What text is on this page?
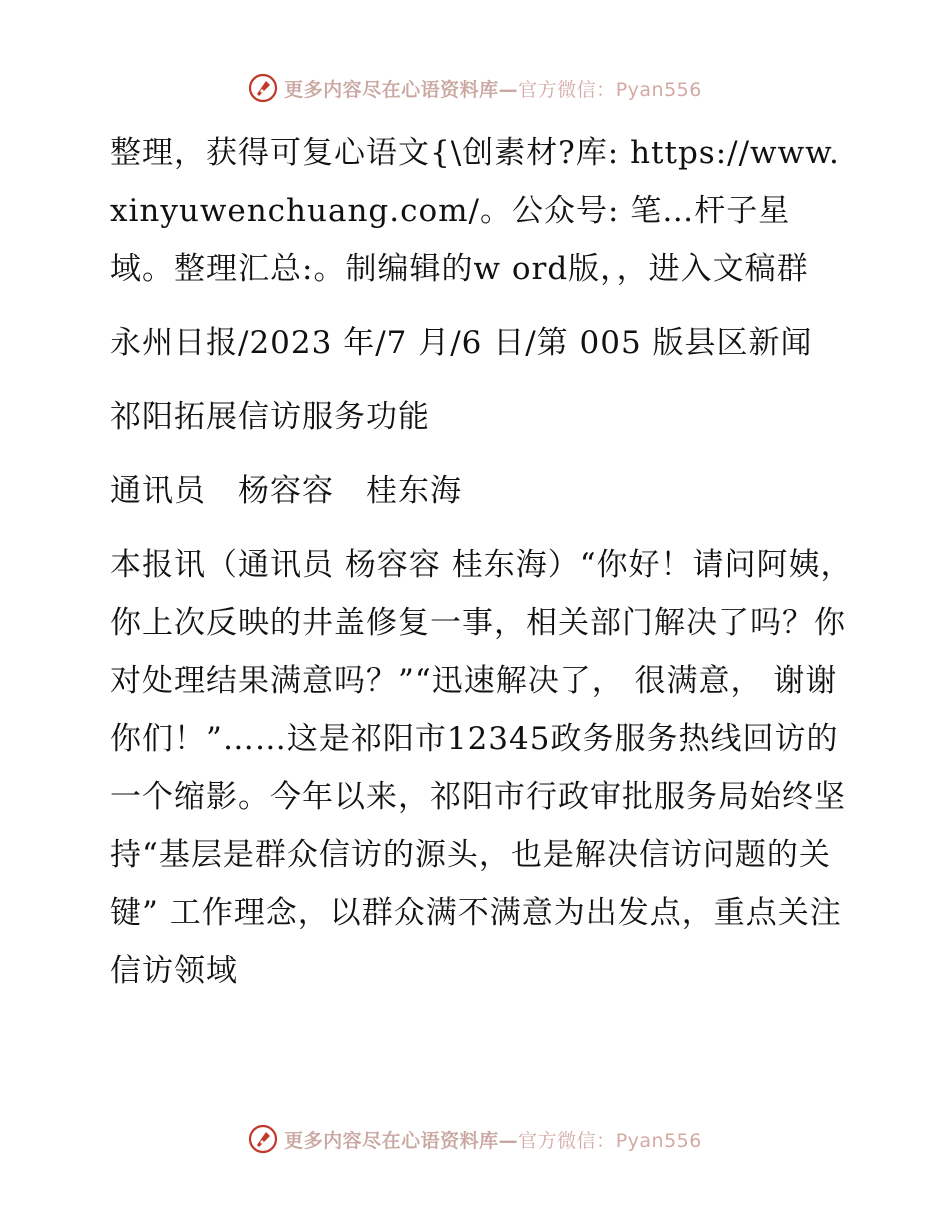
更多内容尽在心语资料库—官方微信：Pyan556

整理，获得可复心语文{\创素材?库: https://www.xinyuwenchuang.com/。公众号: 笔…杆子星域。整理汇总:。制编辑的w ord版，，进入文稿群

永州日报/2023 年/7 月/6 日/第 005 版县区新闻

祁阳拓展信访服务功能

通讯员　杨容容　桂东海

本报讯（通讯员 杨容容 桂东海）“你好！请问阿姨，你上次反映的井盖修复一事，相关部门解决了吗？你对处理结果满意吗？”“迅速解决了， 很满意， 谢谢你们！”……这是祁阳市12345政务服务热线回访的一个缩影。今年以来，祁阳市行政审批服务局始终坚持“基层是群众信访的源头，也是解决信访问题的关键” 工作理念，以群众满不满意为出发点，重点关注信访领域

更多内容尽在心语资料库—官方微信：Pyan556
